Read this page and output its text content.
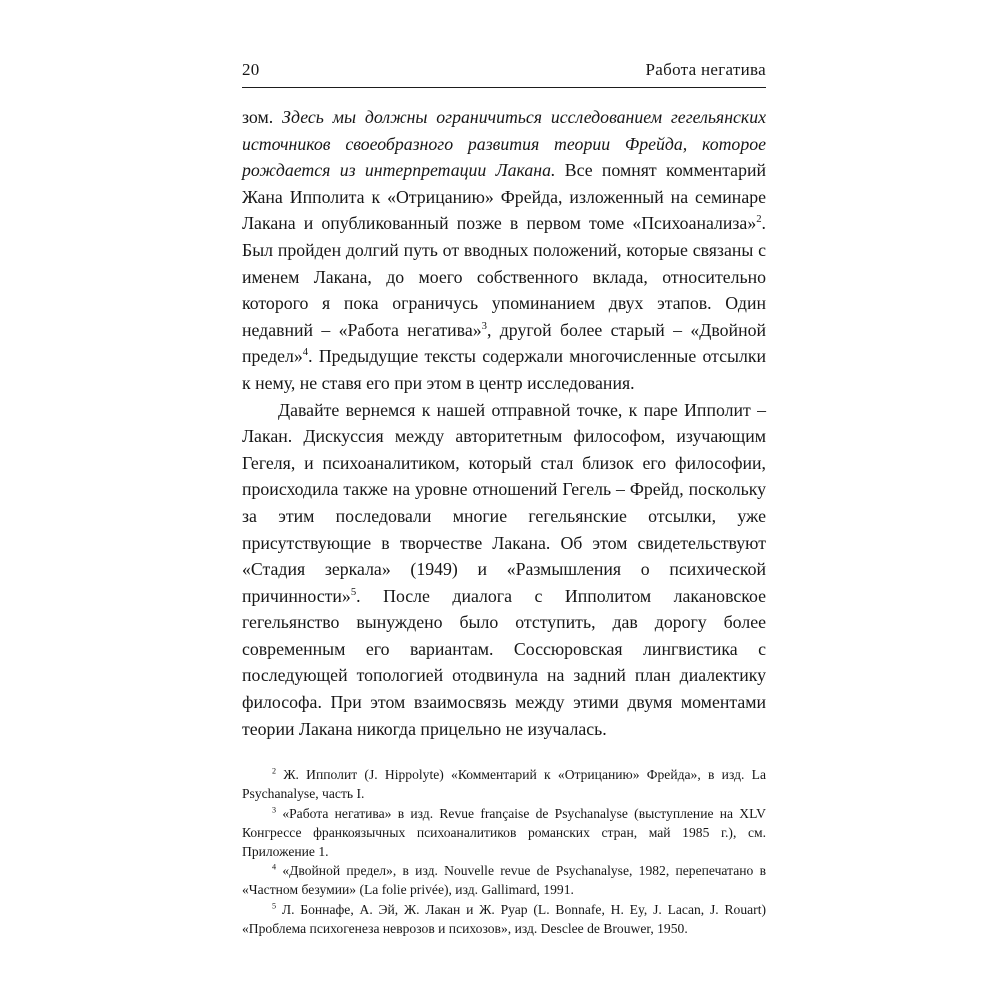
20	Работа негатива

зом. Здесь мы должны ограничиться исследованием гегельянских источников своеобразного развития теории Фрейда, которое рождается из интерпретации Лакана. Все помнят комментарий Жана Ипполита к «Отрицанию» Фрейда, изложенный на семинаре Лакана и опубликованный позже в первом томе «Психоанализа»$^2$. Был пройден долгий путь от вводных положений, которые связаны с именем Лакана, до моего собственного вклада, относительно которого я пока ограничусь упоминанием двух этапов. Один недавний – «Работа негатива»$^3$, другой более старый – «Двойной предел»$^4$. Предыдущие тексты содержали многочисленные отсылки к нему, не ставя его при этом в центр исследования.

Давайте вернемся к нашей отправной точке, к паре Ипполит – Лакан. Дискуссия между авторитетным философом, изучающим Гегеля, и психоаналитиком, который стал близок его философии, происходила также на уровне отношений Гегель – Фрейд, поскольку за этим последовали многие гегельянские отсылки, уже присутствующие в творчестве Лакана. Об этом свидетельствуют «Стадия зеркала» (1949) и «Размышления о психической причинности»$^5$. После диалога с Ипполитом лакановское гегельянство вынуждено было отступить, дав дорогу более современным его вариантам. Соссюровская лингвистика с последующей топологией отодвинула на задний план диалектику философа. При этом взаимосвязь между этими двумя моментами теории Лакана никогда прицельно не изучалась.

$^2$ Ж. Ипполит (J. Hippolyte) «Комментарий к «Отрицанию» Фрейда», в изд. La Psychanalyse, часть I.

$^3$ «Работа негатива» в изд. Revue française de Psychanalyse (выступление на XLV Конгрессе франкоязычных психоаналитиков романских стран, май 1985 г.), см. Приложение 1.

$^4$ «Двойной предел», в изд. Nouvelle revue de Psychanalyse, 1982, перепечатано в «Частном безумии» (La folie privée), изд. Gallimard, 1991.

$^5$ Л. Боннафе, А. Эй, Ж. Лакан и Ж. Руар (L. Bonnafe, H. Ey, J. Lacan, J. Rouart) «Проблема психогенеза неврозов и психозов», изд. Desclee de Brouwer, 1950.
